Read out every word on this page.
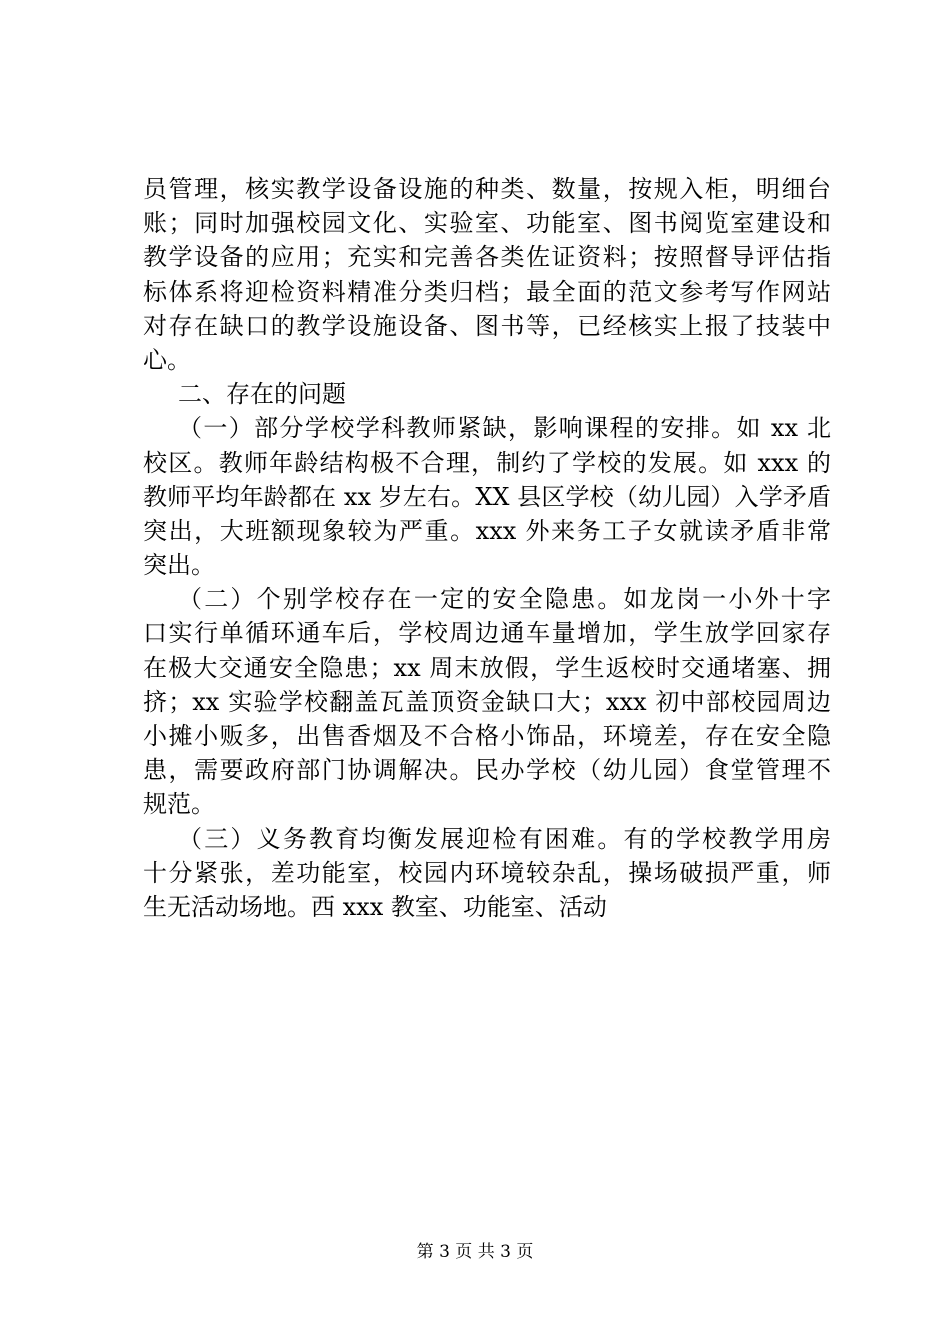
员管理，核实教学设备设施的种类、数量，按规入柜，明细台
账；同时加强校园文化、实验室、功能室、图书阅览室建设和
教学设备的应用；充实和完善各类佐证资料；按照督导评估指
标体系将迎检资料精准分类归档；最全面的范文参考写作网站
对存在缺口的教学设施设备、图书等，已经核实上报了技装中
心。
二、存在的问题
（一）部分学校学科教师紧缺，影响课程的安排。如 xx 北
校区。教师年龄结构极不合理，制约了学校的发展。如 xxx 的
教师平均年龄都在 xx 岁左右。XX 县区学校（幼儿园）入学矛盾
突出，大班额现象较为严重。xxx 外来务工子女就读矛盾非常
突出。
（二）个别学校存在一定的安全隐患。如龙岗一小外十字
口实行单循环通车后，学校周边通车量增加，学生放学回家存
在极大交通安全隐患；xx 周末放假，学生返校时交通堵塞、拥
挤；xx 实验学校翻盖瓦盖顶资金缺口大；xxx 初中部校园周边
小摊小贩多，出售香烟及不合格小饰品，环境差，存在安全隐
患，需要政府部门协调解决。民办学校（幼儿园）食堂管理不
规范。
（三）义务教育均衡发展迎检有困难。有的学校教学用房
十分紧张，差功能室，校园内环境较杂乱，操场破损严重，师
生无活动场地。西 xxx 教室、功能室、活动
第 3 页 共 3 页
